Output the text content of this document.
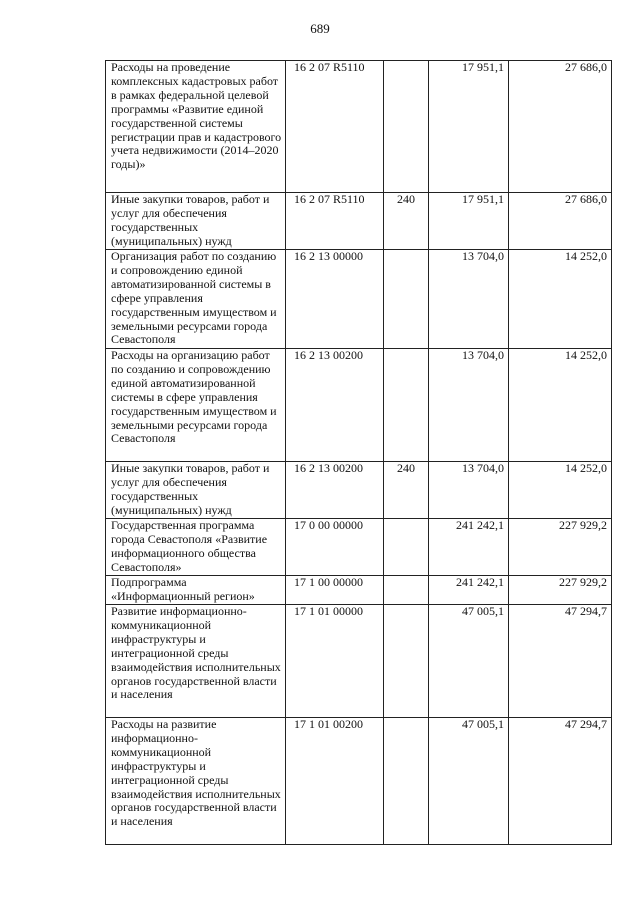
689
Расходы на проведение комплексных кадастровых работ в рамках федеральной целевой программы «Развитие единой государственной системы регистрации прав и кадастрового учета недвижимости (2014–2020 годы)»	16 2 07 R5110		17 951,1	27 686,0
Иные закупки товаров, работ и услуг для обеспечения государственных (муниципальных) нужд	16 2 07 R5110	240	17 951,1	27 686,0
Организация работ по созданию и сопровождению единой автоматизированной системы в сфере управления государственным имуществом и земельными ресурсами города Севастополя	16 2 13 00000		13 704,0	14 252,0
Расходы на организацию работ по созданию и сопровождению единой автоматизированной системы в сфере управления государственным имуществом и земельными ресурсами города Севастополя	16 2 13 00200		13 704,0	14 252,0
Иные закупки товаров, работ и услуг для обеспечения государственных (муниципальных) нужд	16 2 13 00200	240	13 704,0	14 252,0
Государственная программа города Севастополя «Развитие информационного общества Севастополя»	17 0 00 00000		241 242,1	227 929,2
Подпрограмма «Информационный регион»	17 1 00 00000		241 242,1	227 929,2
Развитие информационно-коммуникационной инфраструктуры и интеграционной среды взаимодействия исполнительных органов государственной власти и населения	17 1 01 00000		47 005,1	47 294,7
Расходы на развитие информационно-коммуникационной инфраструктуры и интеграционной среды взаимодействия исполнительных органов государственной власти и населения	17 1 01 00200		47 005,1	47 294,7
